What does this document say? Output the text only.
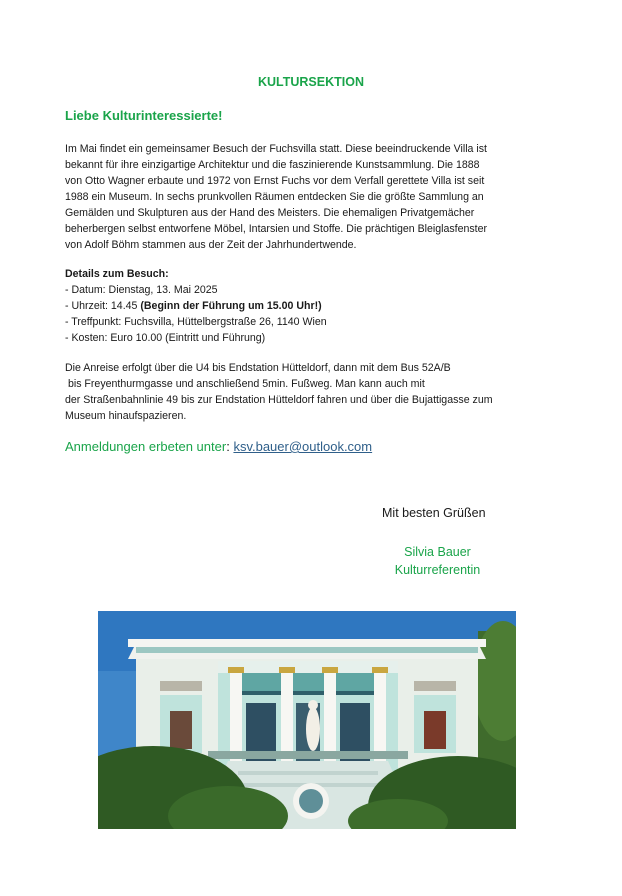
KULTURSEKTION
Liebe Kulturinteressierte!
Im Mai findet ein gemeinsamer Besuch der Fuchsvilla statt. Diese beeindruckende Villa ist
bekannt für ihre einzigartige Architektur und die faszinierende Kunstsammlung. Die 1888
von Otto Wagner erbaute und 1972 von Ernst Fuchs vor dem Verfall gerettete Villa ist seit
1988 ein Museum. In sechs prunkvollen Räumen entdecken Sie die größte Sammlung an
Gemälden und Skulpturen aus der Hand des Meisters. Die ehemaligen Privatgemächer
beherbergen selbst entworfene Möbel, Intarsien und Stoffe. Die prächtigen Bleiglasfenster
von Adolf Böhm stammen aus der Zeit der Jahrhundertwende.
Details zum Besuch:
- Datum: Dienstag, 13. Mai 2025
- Uhrzeit: 14.45 (Beginn der Führung um 15.00 Uhr!)
- Treffpunkt: Fuchsvilla, Hüttelbergstraße 26, 1140 Wien
- Kosten: Euro 10.00 (Eintritt und Führung)
Die Anreise erfolgt über die U4 bis Endstation Hütteldorf, dann mit dem Bus 52A/B
bis Freyenthurmgasse und anschließend 5min. Fußweg. Man kann auch mit
der Straßenbahnlinie 49 bis zur Endstation Hütteldorf fahren und über die Bujattigasse zum
Museum hinaufspazieren.
Anmeldungen erbeten unter: ksv.bauer@outlook.com
Mit besten Grüßen
Silvia Bauer
Kulturreferentin
